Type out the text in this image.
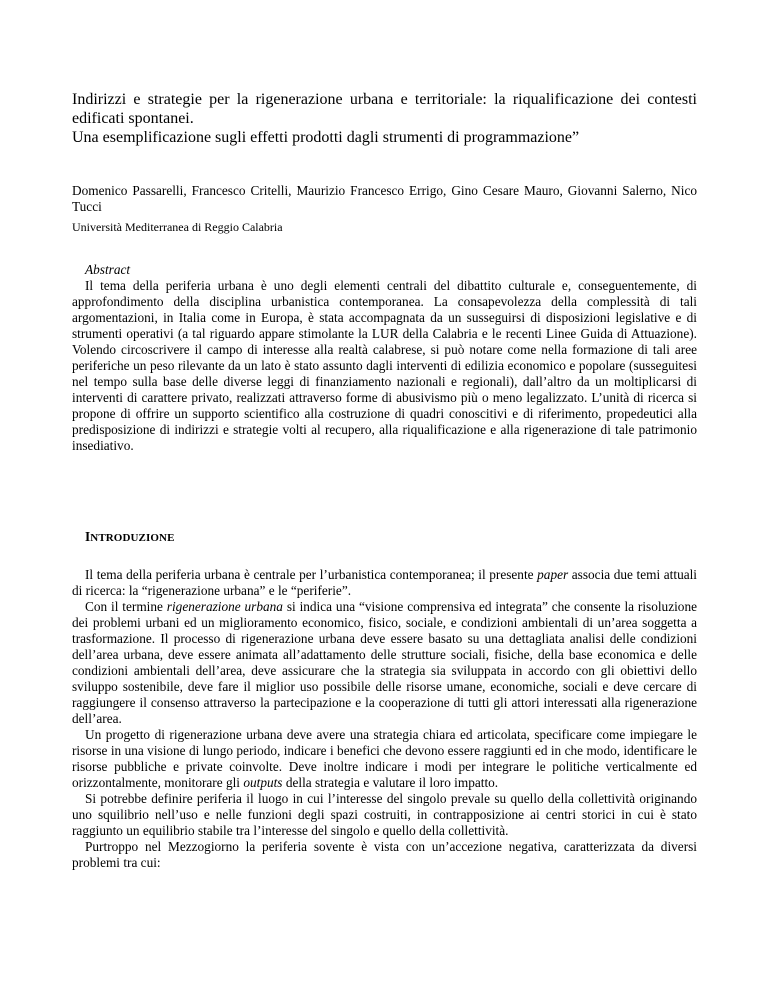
Indirizzi e strategie per la rigenerazione urbana e territoriale: la riqualificazione dei contesti edificati spontanei.
Una esemplificazione sugli effetti prodotti dagli strumenti di programmazione”
Domenico Passarelli, Francesco Critelli, Maurizio Francesco Errigo, Gino Cesare Mauro, Giovanni Salerno, Nico Tucci
Università Mediterranea di Reggio Calabria
Abstract

Il tema della periferia urbana è uno degli elementi centrali del dibattito culturale e, conseguentemente, di approfondimento della disciplina urbanistica contemporanea. La consapevolezza della complessità di tali argomentazioni, in Italia come in Europa, è stata accompagnata da un susseguirsi di disposizioni legislative e di strumenti operativi (a tal riguardo appare stimolante la LUR della Calabria e le recenti Linee Guida di Attuazione). Volendo circoscrivere il campo di interesse alla realtà calabrese, si può notare come nella formazione di tali aree periferiche un peso rilevante da un lato è stato assunto dagli interventi di edilizia economico e popolare (susseguitesi nel tempo sulla base delle diverse leggi di finanziamento nazionali e regionali), dall’altro da un moltiplicarsi di interventi di carattere privato, realizzati attraverso forme di abusivismo più o meno legalizzato. L’unità di ricerca si propone di offrire un supporto scientifico alla costruzione di quadri conoscitivi e di riferimento, propedeutici alla predisposizione di indirizzi e strategie volti al recupero, alla riqualificazione e alla rigenerazione di tale patrimonio insediativo.

INTRODUZIONE

Il tema della periferia urbana è centrale per l’urbanistica contemporanea; il presente paper associa due temi attuali di ricerca: la “rigenerazione urbana” e le “periferie”.

Con il termine rigenerazione urbana si indica una “visione comprensiva ed integrata” che consente la risoluzione dei problemi urbani ed un miglioramento economico, fisico, sociale, e condizioni ambientali di un’area soggetta a trasformazione. Il processo di rigenerazione urbana deve essere basato su una dettagliata analisi delle condizioni dell’area urbana, deve essere animata all’adattamento delle strutture sociali, fisiche, della base economica e delle condizioni ambientali dell’area, deve assicurare che la strategia sia sviluppata in accordo con gli obiettivi dello sviluppo sostenibile, deve fare il miglior uso possibile delle risorse umane, economiche, sociali e deve cercare di raggiungere il consenso attraverso la partecipazione e la cooperazione di tutti gli attori interessati alla rigenerazione dell’area.

Un progetto di rigenerazione urbana deve avere una strategia chiara ed articolata, specificare come impiegare le risorse in una visione di lungo periodo, indicare i benefici che devono essere raggiunti ed in che modo, identificare le risorse pubbliche e private coinvolte. Deve inoltre indicare i modi per integrare le politiche verticalmente ed orizzontalmente, monitorare gli outputs della strategia e valutare il loro impatto.

Si potrebbe definire periferia il luogo in cui l’interesse del singolo prevale su quello della collettività originando uno squilibrio nell’uso e nelle funzioni degli spazi costruiti, in contrapposizione ai centri storici in cui è stato raggiunto un equilibrio stabile tra l’interesse del singolo e quello della collettività.

Purtroppo nel Mezzogiorno la periferia sovente è vista con un’accezione negativa, caratterizzata da diversi problemi tra cui:
